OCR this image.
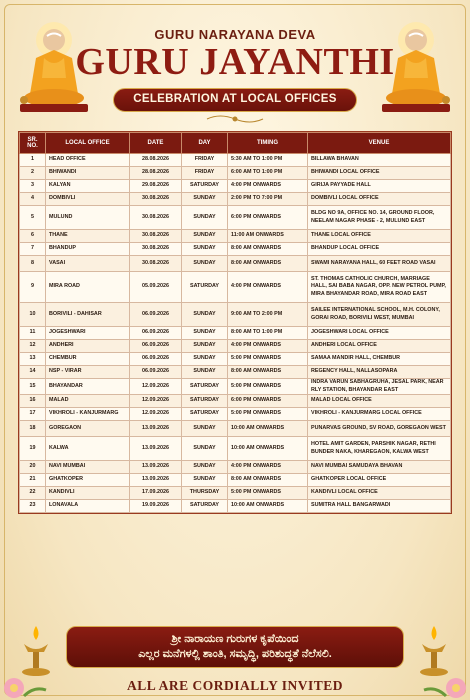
GURU NARAYANA DEVA
GURU JAYANTHI
CELEBRATION AT LOCAL OFFICES
SR. NO.	LOCAL OFFICE	DATE	DAY	TIMING	VENUE
1	HEAD OFFICE	28.08.2026	FRIDAY	5:30 AM TO 1:00 PM	BILLAWA BHAVAN
2	BHIWANDI	28.08.2026	FRIDAY	6:00 AM TO 1:00 PM	BHIWANDI LOCAL OFFICE
3	KALYAN	29.08.2026	SATURDAY	4:00 PM ONWARDS	GIRIJA PAYYADE HALL
4	DOMBIVLI	30.08.2026	SUNDAY	2:00 PM TO 7:00 PM	DOMBIVLI LOCAL OFFICE
5	MULUND	30.08.2026	SUNDAY	6:00 PM ONWARDS	BLDG NO 9A, OFFICE NO. 14, GROUND FLOOR, NEELAM NAGAR PHASE - 2, MULUND EAST
6	THANE	30.08.2026	SUNDAY	11:00 AM ONWARDS	THANE LOCAL OFFICE
7	BHANDUP	30.08.2026	SUNDAY	8:00 AM ONWARDS	BHANDUP LOCAL OFFICE
8	VASAI	30.08.2026	SUNDAY	8:00 AM ONWARDS	SWAMI NARAYANA HALL, 60 FEET ROAD VASAI
9	MIRA ROAD	05.09.2026	SATURDAY	4:00 PM ONWARDS	ST. THOMAS CATHOLIC CHURCH, MARRIAGE HALL, SAI BABA NAGAR, OPP. NEW PETROL PUMP, MIRA BHAYANDAR ROAD, MIRA ROAD EAST
10	BORIVILI - DAHISAR	06.09.2026	SUNDAY	9:00 AM TO 2:00 PM	SAILEE INTERNATIONAL SCHOOL, M.H. COLONY, GORAI ROAD, BORIVILI WEST, MUMBAI
11	JOGESHWARI	06.09.2026	SUNDAY	8:00 AM TO 1:00 PM	JOGESHWARI LOCAL OFFICE
12	ANDHERI	06.09.2026	SUNDAY	4:00 PM ONWARDS	ANDHERI LOCAL OFFICE
13	CHEMBUR	06.09.2026	SUNDAY	5:00 PM ONWARDS	SAMAA MANDIR HALL, CHEMBUR
14	NSP - VIRAR	06.09.2026	SUNDAY	8:00 AM ONWARDS	REGENCY HALL, NALLASOPARA
15	BHAYANDAR	12.09.2026	SATURDAY	5:00 PM ONWARDS	INDRA VARUN SABHAGRUHA, JESAL PARK, NEAR RLY STATION, BHAYANDAR EAST
16	MALAD	12.09.2026	SATURDAY	6:00 PM ONWARDS	MALAD LOCAL OFFICE
17	VIKHROLI - KANJURMARG	12.09.2026	SATURDAY	5:00 PM ONWARDS	VIKHROLI - KANJURMARG LOCAL OFFICE
18	GOREGAON	13.09.2026	SUNDAY	10:00 AM ONWARDS	PUNARVAS GROUND, SV ROAD, GOREGAON WEST
19	KALWA	13.09.2026	SUNDAY	10:00 AM ONWARDS	HOTEL AMIT GARDEN, PARSHIK NAGAR, RETHI BUNDER NAKA, KHAREGAON, KALWA WEST
20	NAVI MUMBAI	13.09.2026	SUNDAY	4:00 PM ONWARDS	NAVI MUMBAI SAMUDAYA BHAVAN
21	GHATKOPER	13.09.2026	SUNDAY	8:00 AM ONWARDS	GHATKOPER LOCAL OFFICE
22	KANDIVLI	17.09.2026	THURSDAY	5:00 PM ONWARDS	KANDIVLI LOCAL OFFICE
23	LONAVALA	19.09.2026	SATURDAY	10:00 AM ONWARDS	SUMITRA HALL BANGARWADI
ಶ್ರೀ ನಾರಾಯಣ ಗುರುಗಳ ಕೃಪೆಯಿಂದ
ಎಲ್ಲರ ಮನೆಗಳಲ್ಲಿ ಶಾಂತಿ, ಸಮೃದ್ಧಿ, ಪರಿಶುದ್ಧತೆ ನೆಲೆಸಲಿ.
ALL ARE CORDIALLY INVITED
